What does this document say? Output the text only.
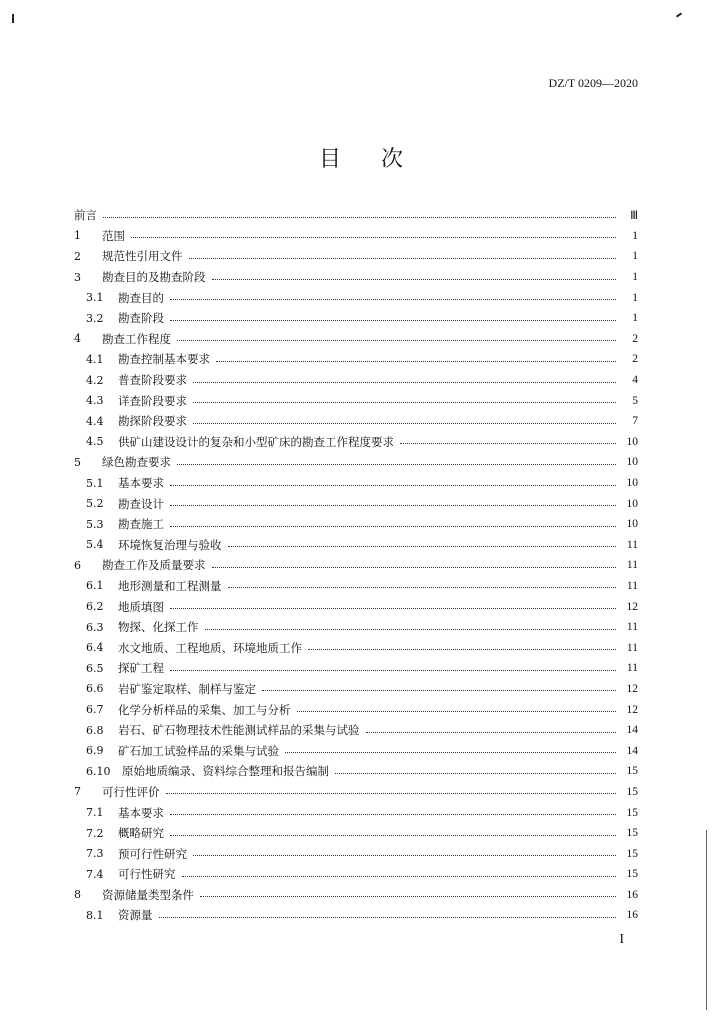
DZ/T 0209—2020
目 次
前言	Ⅲ
1	范围	1
2	规范性引用文件	1
3	勘查目的及勘查阶段	1
3.1	勘查目的	1
3.2	勘查阶段	1
4	勘查工作程度	2
4.1	勘查控制基本要求	2
4.2	普查阶段要求	4
4.3	详查阶段要求	5
4.4	勘探阶段要求	7
4.5	供矿山建设设计的复杂和小型矿床的勘查工作程度要求	10
5	绿色勘查要求	10
5.1	基本要求	10
5.2	勘查设计	10
5.3	勘查施工	10
5.4	环境恢复治理与验收	11
6	勘查工作及质量要求	11
6.1	地形测量和工程测量	11
6.2	地质填图	12
6.3	物探、化探工作	11
6.4	水文地质、工程地质、环境地质工作	11
6.5	探矿工程	11
6.6	岩矿鉴定取样、制样与鉴定	12
6.7	化学分析样品的采集、加工与分析	12
6.8	岩石、矿石物理技术性能测试样品的采集与试验	14
6.9	矿石加工试验样品的采集与试验	14
6.10	原始地质编录、资料综合整理和报告编制	15
7	可行性评价	15
7.1	基本要求	15
7.2	概略研究	15
7.3	预可行性研究	15
7.4	可行性研究	15
8	资源储量类型条件	16
8.1	资源量	16
I
